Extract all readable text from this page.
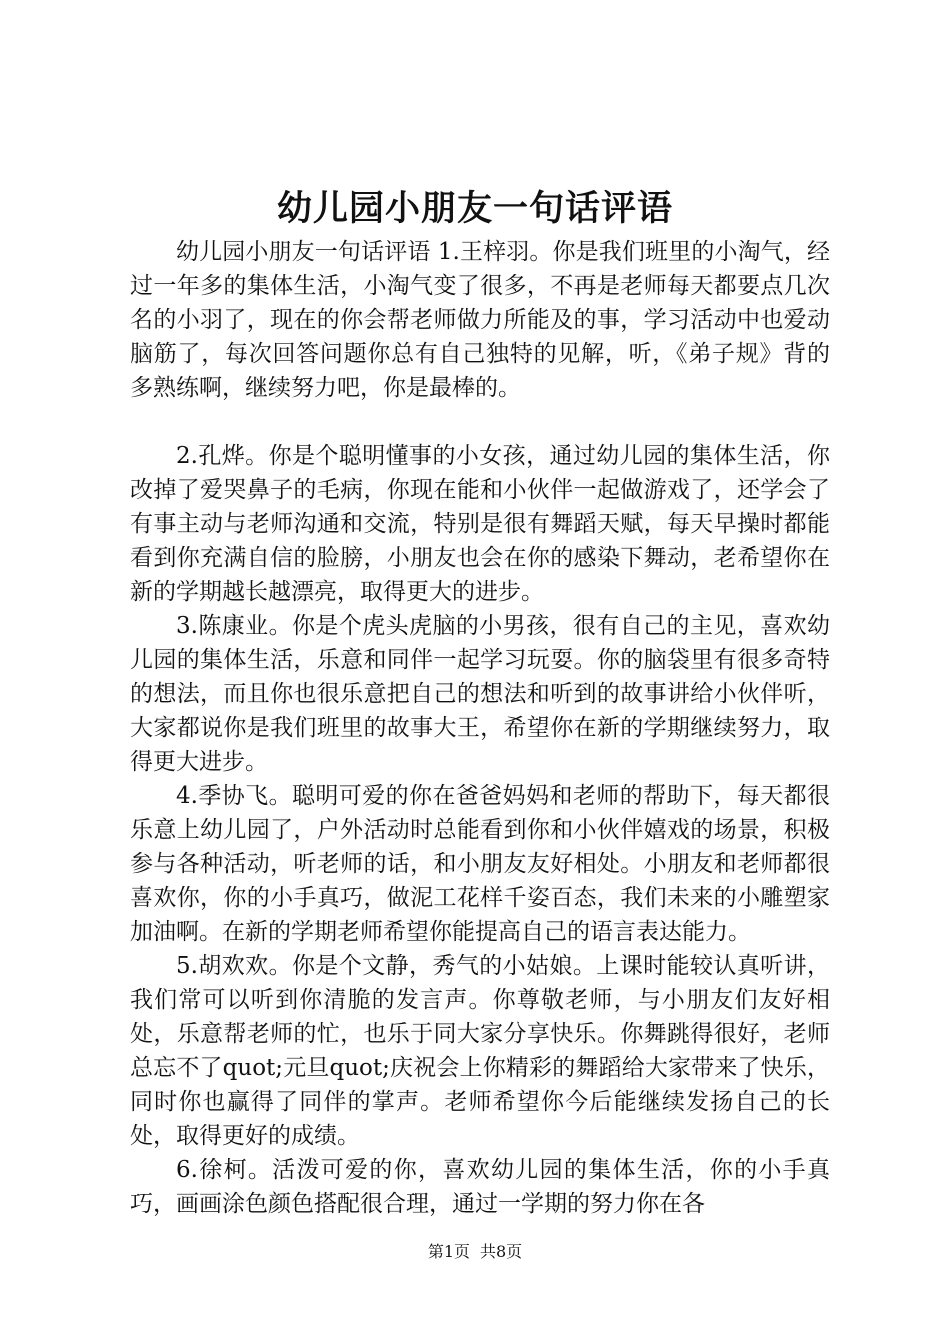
幼儿园小朋友一句话评语

幼儿园小朋友一句话评语 1.王梓羽。你是我们班里的小淘气，经过一年多的集体生活，小淘气变了很多，不再是老师每天都要点几次名的小羽了，现在的你会帮老师做力所能及的事，学习活动中也爱动脑筋了，每次回答问题你总有自己独特的见解，听，《弟子规》背的多熟练啊，继续努力吧，你是最棒的。

2.孔烨。你是个聪明懂事的小女孩，通过幼儿园的集体生活，你改掉了爱哭鼻子的毛病，你现在能和小伙伴一起做游戏了，还学会了有事主动与老师沟通和交流，特别是很有舞蹈天赋，每天早操时都能看到你充满自信的脸膀，小朋友也会在你的感染下舞动，老希望你在新的学期越长越漂亮，取得更大的进步。

3.陈康业。你是个虎头虎脑的小男孩，很有自己的主见，喜欢幼儿园的集体生活，乐意和同伴一起学习玩耍。你的脑袋里有很多奇特的想法，而且你也很乐意把自己的想法和听到的故事讲给小伙伴听，大家都说你是我们班里的故事大王，希望你在新的学期继续努力，取得更大进步。

4.季协飞。聪明可爱的你在爸爸妈妈和老师的帮助下，每天都很乐意上幼儿园了，户外活动时总能看到你和小伙伴嬉戏的场景，积极参与各种活动，听老师的话，和小朋友友好相处。小朋友和老师都很喜欢你，你的小手真巧，做泥工花样千姿百态，我们未来的小雕塑家加油啊。在新的学期老师希望你能提高自己的语言表达能力。

5.胡欢欢。你是个文静，秀气的小姑娘。上课时能较认真听讲，我们常可以听到你清脆的发言声。你尊敬老师，与小朋友们友好相处，乐意帮老师的忙，也乐于同大家分享快乐。你舞跳得很好，老师总忘不了quot;元旦quot;庆祝会上你精彩的舞蹈给大家带来了快乐，同时你也赢得了同伴的掌声。老师希望你今后能继续发扬自己的长处，取得更好的成绩。

6.徐柯。活泼可爱的你，喜欢幼儿园的集体生活，你的小手真巧，画画涂色颜色搭配很合理，通过一学期的努力你在各

第1页 共8页
